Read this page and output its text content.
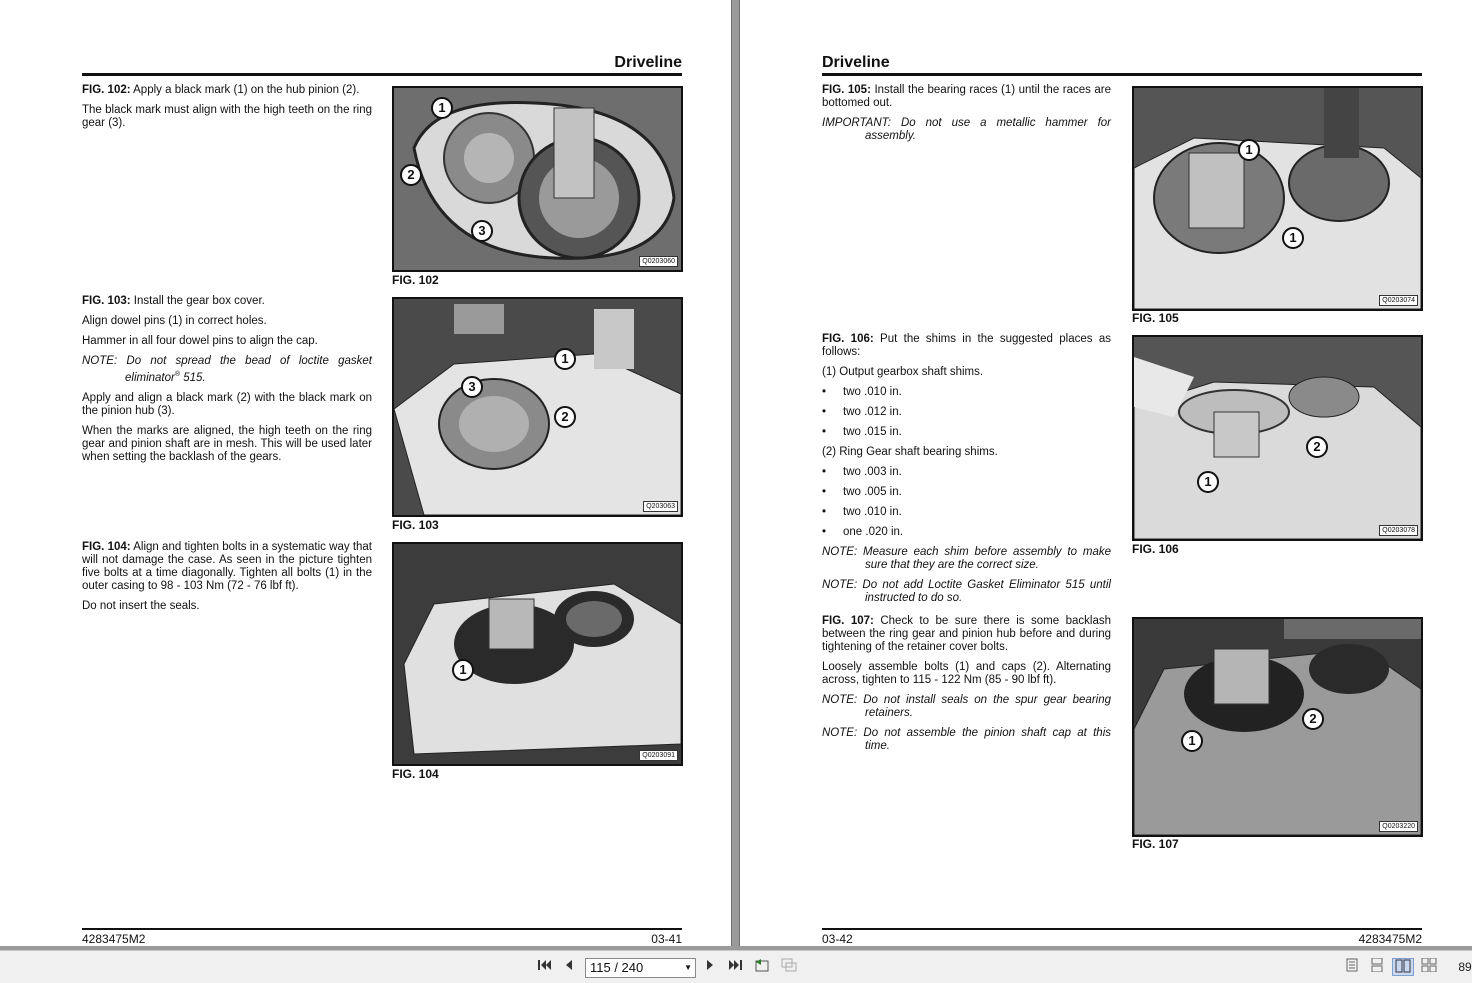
Driveline

FIG. 102: Apply a black mark (1) on the hub pinion (2).

The black mark must align with the high teeth on the ring gear (3).

Q0203060
1
2
3
FIG. 102

FIG. 103: Install the gear box cover.

Align dowel pins (1) in correct holes.

Hammer in all four dowel pins to align the cap.

NOTE: Do not spread the bead of loctite gasket eliminator® 515.

Apply and align a black mark (2) with the black mark on the pinion hub (3).

When the marks are aligned, the high teeth on the ring gear and pinion shaft are in mesh. This will be used later when setting the backlash of the gears.

Q203063
1
3
2
FIG. 103

FIG. 104: Align and tighten bolts in a systematic way that will not damage the case. As seen in the picture tighten five bolts at a time diagonally. Tighten all bolts (1) in the outer casing to 98 - 103 Nm (72 - 76 lbf ft).

Do not insert the seals.

Q0203091
1
FIG. 104
4283475M2	03-41
Driveline

FIG. 105: Install the bearing races (1) until the races are bottomed out.

IMPORTANT: Do not use a metallic hammer for assembly.

Q0203074
1
1
FIG. 105

FIG. 106: Put the shims in the suggested places as follows:

(1) Output gearbox shaft shims.

• two .010 in.
• two .012 in.
• two .015 in.

(2) Ring Gear shaft bearing shims.

• two .003 in.
• two .005 in.
• two .010 in.
• one .020 in.

NOTE: Measure each shim before assembly to make sure that they are the correct size.

NOTE: Do not add Loctite Gasket Eliminator 515 until instructed to do so.

Q0203078
2
1
FIG. 106

FIG. 107: Check to be sure there is some backlash between the ring gear and pinion hub before and during tightening of the retainer cover bolts.

Loosely assemble bolts (1) and caps (2). Alternating across, tighten to 115 - 122 Nm (85 - 90 lbf ft).

NOTE: Do not install seals on the spur gear bearing retainers.

NOTE: Do not assemble the pinion shaft cap at this time.

Q0203220
2
1
FIG. 107
03-42	4283475M2
115 / 240	▼	89
